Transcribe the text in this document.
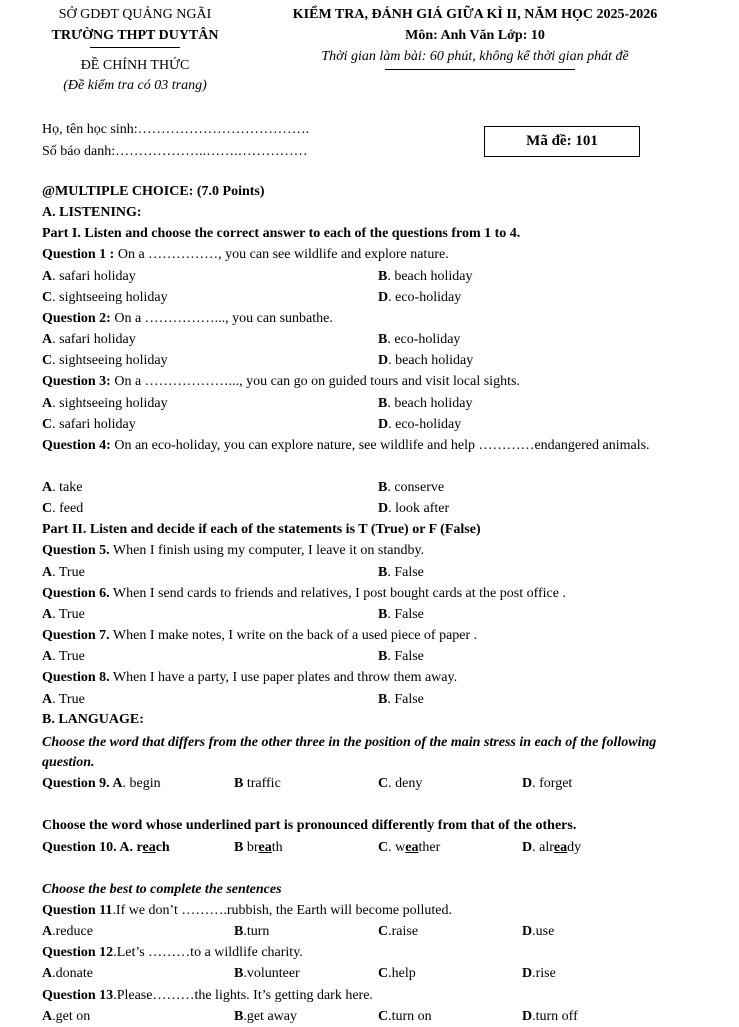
SỞ GDĐT QUẢNG NGÃI
TRƯỜNG THPT DUYTÂN
ĐỀ CHÍNH THỨC
(Đề kiểm tra có 03 trang)
KIỂM TRA, ĐÁNH GIÁ GIỮA KÌ II, NĂM HỌC 2025-2026
Môn: Anh Văn Lớp: 10
Thời gian làm bài: 60 phút, không kể thời gian phát đề
Họ, tên học sinh:……………………………….
Số báo danh:………………..…….……………
Mã đề: 101
@MULTIPLE CHOICE: (7.0 Points)
A. LISTENING:
Part I. Listen and choose the correct answer to each of the questions from 1 to 4.
Question 1 : On a ……………, you can see wildlife and explore nature.
A. safari holiday	B. beach holiday
C. sightseeing holiday	D. eco-holiday
Question 2: On a ……………..., you can sunbathe.
A. safari holiday	B. eco-holiday
C. sightseeing holiday	D. beach holiday
Question 3: On a ………………..., you can go on guided tours and visit local sights.
A. sightseeing holiday	B. beach holiday
C. safari holiday	D. eco-holiday
Question 4: On an eco-holiday, you can explore nature, see wildlife and help …………endangered animals.
A. take	B. conserve
C. feed	D. look after
Part II. Listen and decide if each of the statements is T (True) or F (False)
Question 5. When I finish using my computer, I leave it on standby.
A. True	B. False
Question 6. When I send cards to friends and relatives, I post bought cards at the post office .
A. True	B. False
Question 7. When I make notes, I write on the back of a used piece of paper .
A. True	B. False
Question 8. When I have a party, I use paper plates and throw them away.
A. True	B. False
B. LANGUAGE:
Choose the word that differs from the other three in the position of the main stress in each of the following question.
Question 9. A. begin	B traffic	C. deny	D. forget
Choose the word whose underlined part is pronounced differently from that of the others.
Question 10. A. reach	B breath	C. weather	D. already
Choose the best to complete the sentences
Question 11.If we don’t ……….rubbish, the Earth will become polluted.
A.reduce	B.turn	C.raise	D.use
Question 12.Let’s ………to a wildlife charity.
A.donate	B.volunteer	C.help	D.rise
Question 13.Please………the lights. It’s getting dark here.
A.get on	B.get away	C.turn on	D.turn off
